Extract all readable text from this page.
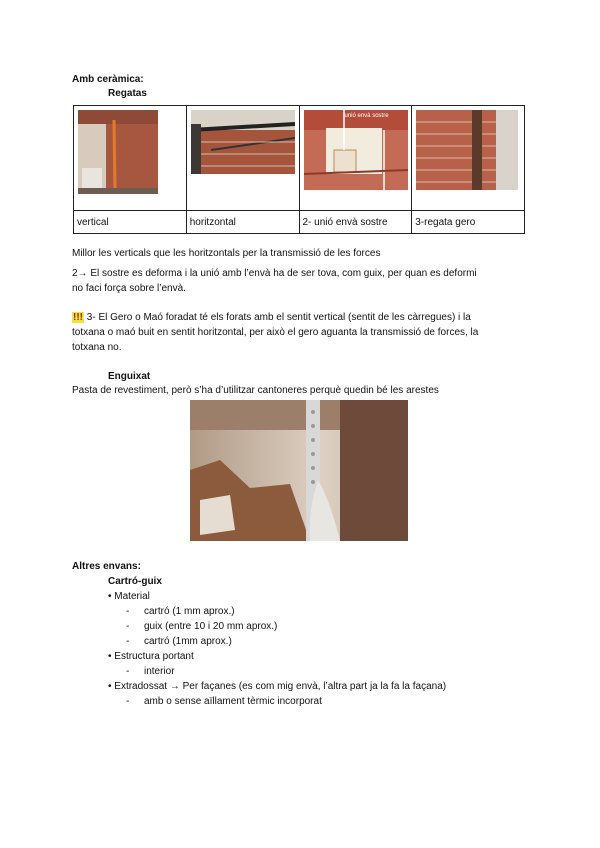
Amb ceràmica:
Regatas

unió envà sostre

vertical	horitzontal	2- unió envà sostre	3-regata gero
Millor les verticals que les horitzontals per la transmissió de les forces
2→ El sostre es deforma i la unió amb l’envà ha de ser tova, com guix, per quan es deformi
no faci força sobre l’envà.
!!! 3- El Gero o Maó foradat té els forats amb el sentit vertical (sentit de les càrregues) i la
totxana o maó buit en sentit horitzontal, per això el gero aguanta la transmissió de forces, la
totxana no.
Enguixat
Pasta de revestiment, però s’ha d’utilitzar cantoneres perquè quedin bé les arestes
Altres envans:
Cartró-guix
• Material
- cartró (1 mm aprox.)
- guix (entre 10 i 20 mm aprox.)
- cartró (1mm aprox.)
• Estructura portant
- interior
• Extradossat → Per façanes (es com mig envà, l’altra part ja la fa la façana)
- amb o sense aïllament tèrmic incorporat
